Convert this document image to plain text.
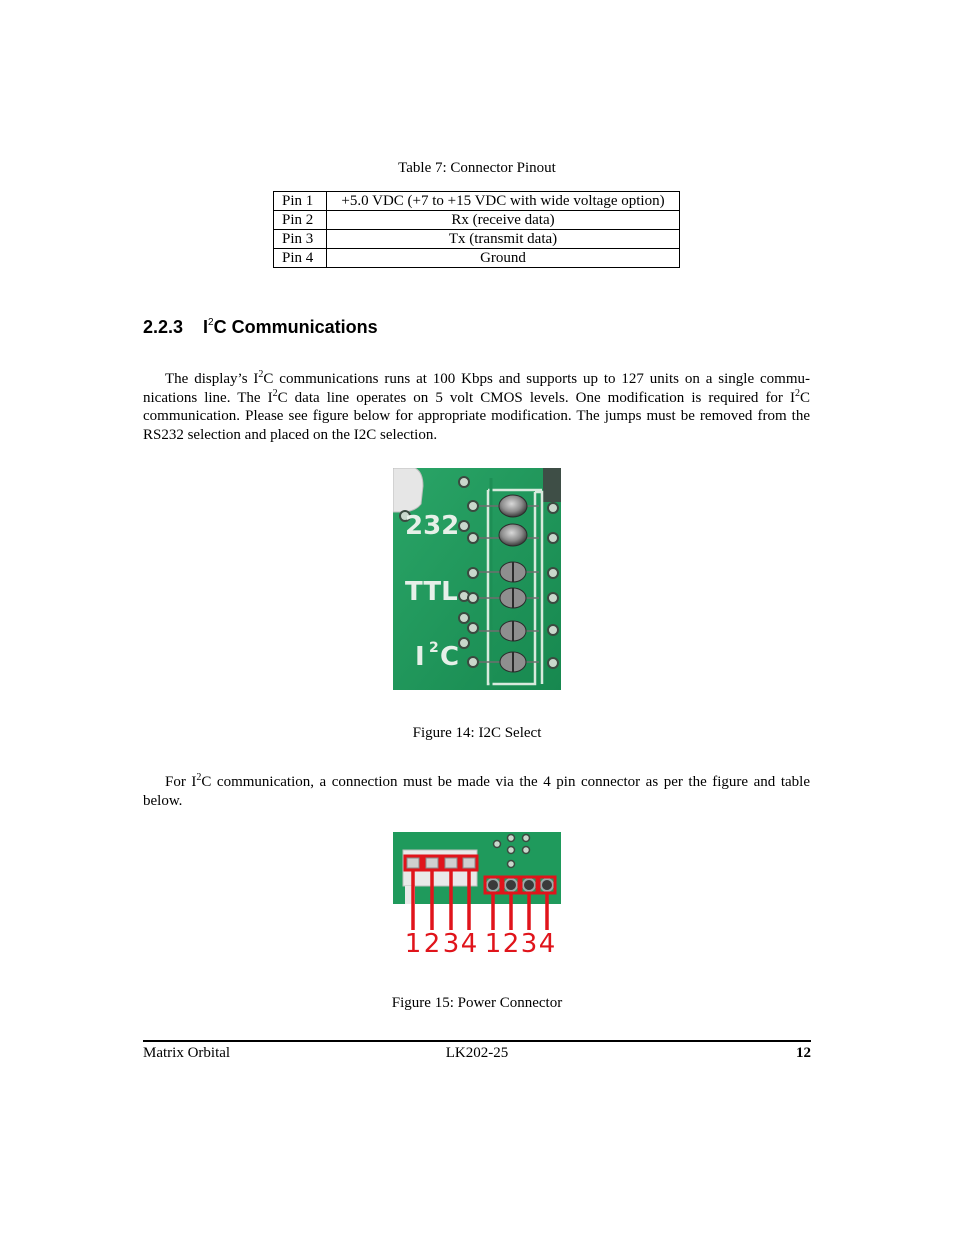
Table 7: Connector Pinout
Pin 1	+5.0 VDC (+7 to +15 VDC with wide voltage option)
Pin 2	Rx (receive data)
Pin 3	Tx (transmit data)
Pin 4	Ground
2.2.3 $I^2C$ Communications
The display’s $I^2C$ communications runs at 100 Kbps and supports up to 127 units on a single commu-nications line. The $I^2C$ data line operates on 5 volt CMOS levels. One modification is required for $I^2C$ communication. Please see figure below for appropriate modification. The jumps must be removed from the RS232 selection and placed on the I2C selection.
232
TTL
I 2 C
Figure 14: I2C Select
For $I^2C$ communication, a connection must be made via the 4 pin connector as per the figure and table below.
1 2 3 4 1 2 3 4
Figure 15: Power Connector
Matrix Orbital	LK202-25	12
